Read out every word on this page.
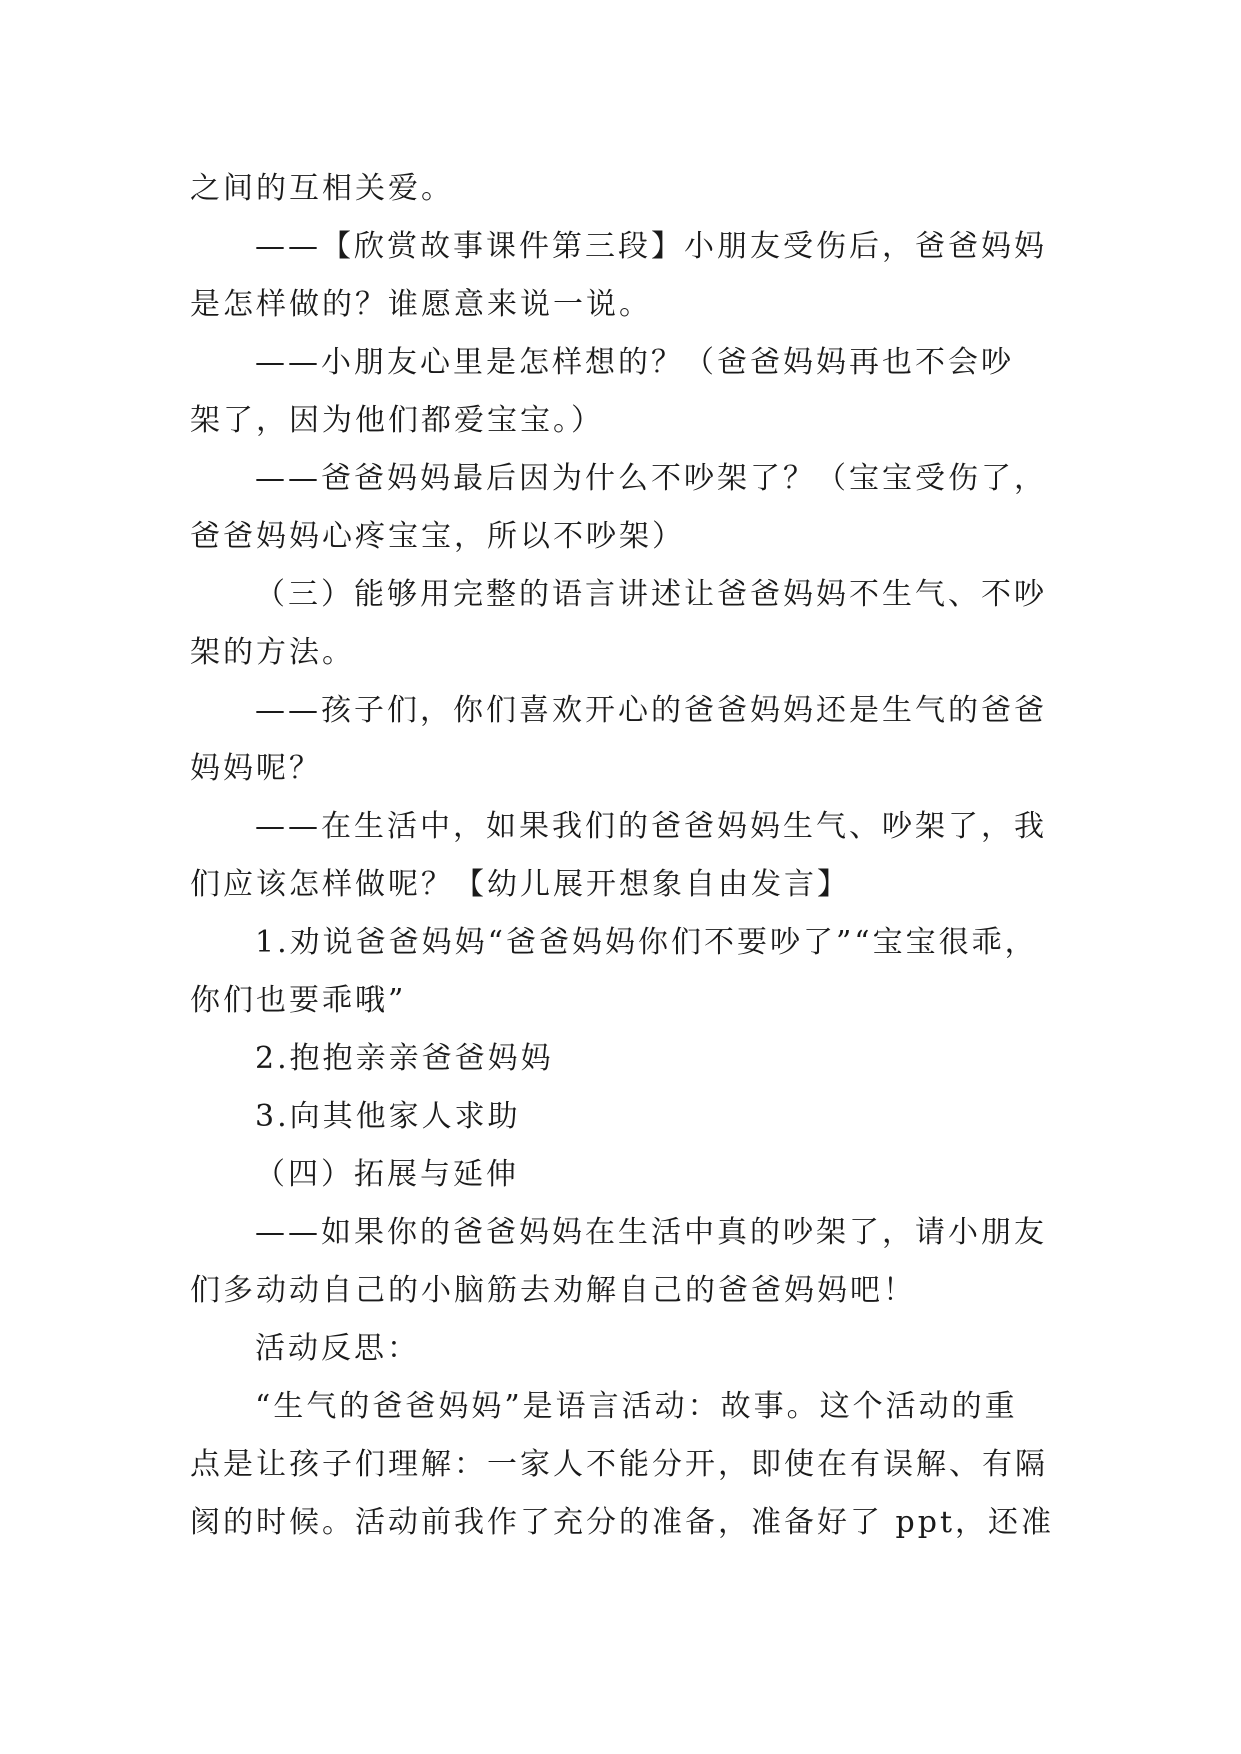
之间的互相关爱。
——【欣赏故事课件第三段】小朋友受伤后，爸爸妈妈
是怎样做的？谁愿意来说一说。
——小朋友心里是怎样想的？（爸爸妈妈再也不会吵
架了，因为他们都爱宝宝。）
——爸爸妈妈最后因为什么不吵架了？（宝宝受伤了，
爸爸妈妈心疼宝宝，所以不吵架）
（三）能够用完整的语言讲述让爸爸妈妈不生气、不吵
架的方法。
——孩子们，你们喜欢开心的爸爸妈妈还是生气的爸爸
妈妈呢？
——在生活中，如果我们的爸爸妈妈生气、吵架了，我
们应该怎样做呢？【幼儿展开想象自由发言】
1.劝说爸爸妈妈“爸爸妈妈你们不要吵了”“宝宝很乖，
你们也要乖哦”
2.抱抱亲亲爸爸妈妈
3.向其他家人求助
（四）拓展与延伸
——如果你的爸爸妈妈在生活中真的吵架了，请小朋友
们多动动自己的小脑筋去劝解自己的爸爸妈妈吧！
活动反思：
“生气的爸爸妈妈”是语言活动：故事。这个活动的重
点是让孩子们理解：一家人不能分开，即使在有误解、有隔
阂的时候。活动前我作了充分的准备，准备好了 ppt，还准
